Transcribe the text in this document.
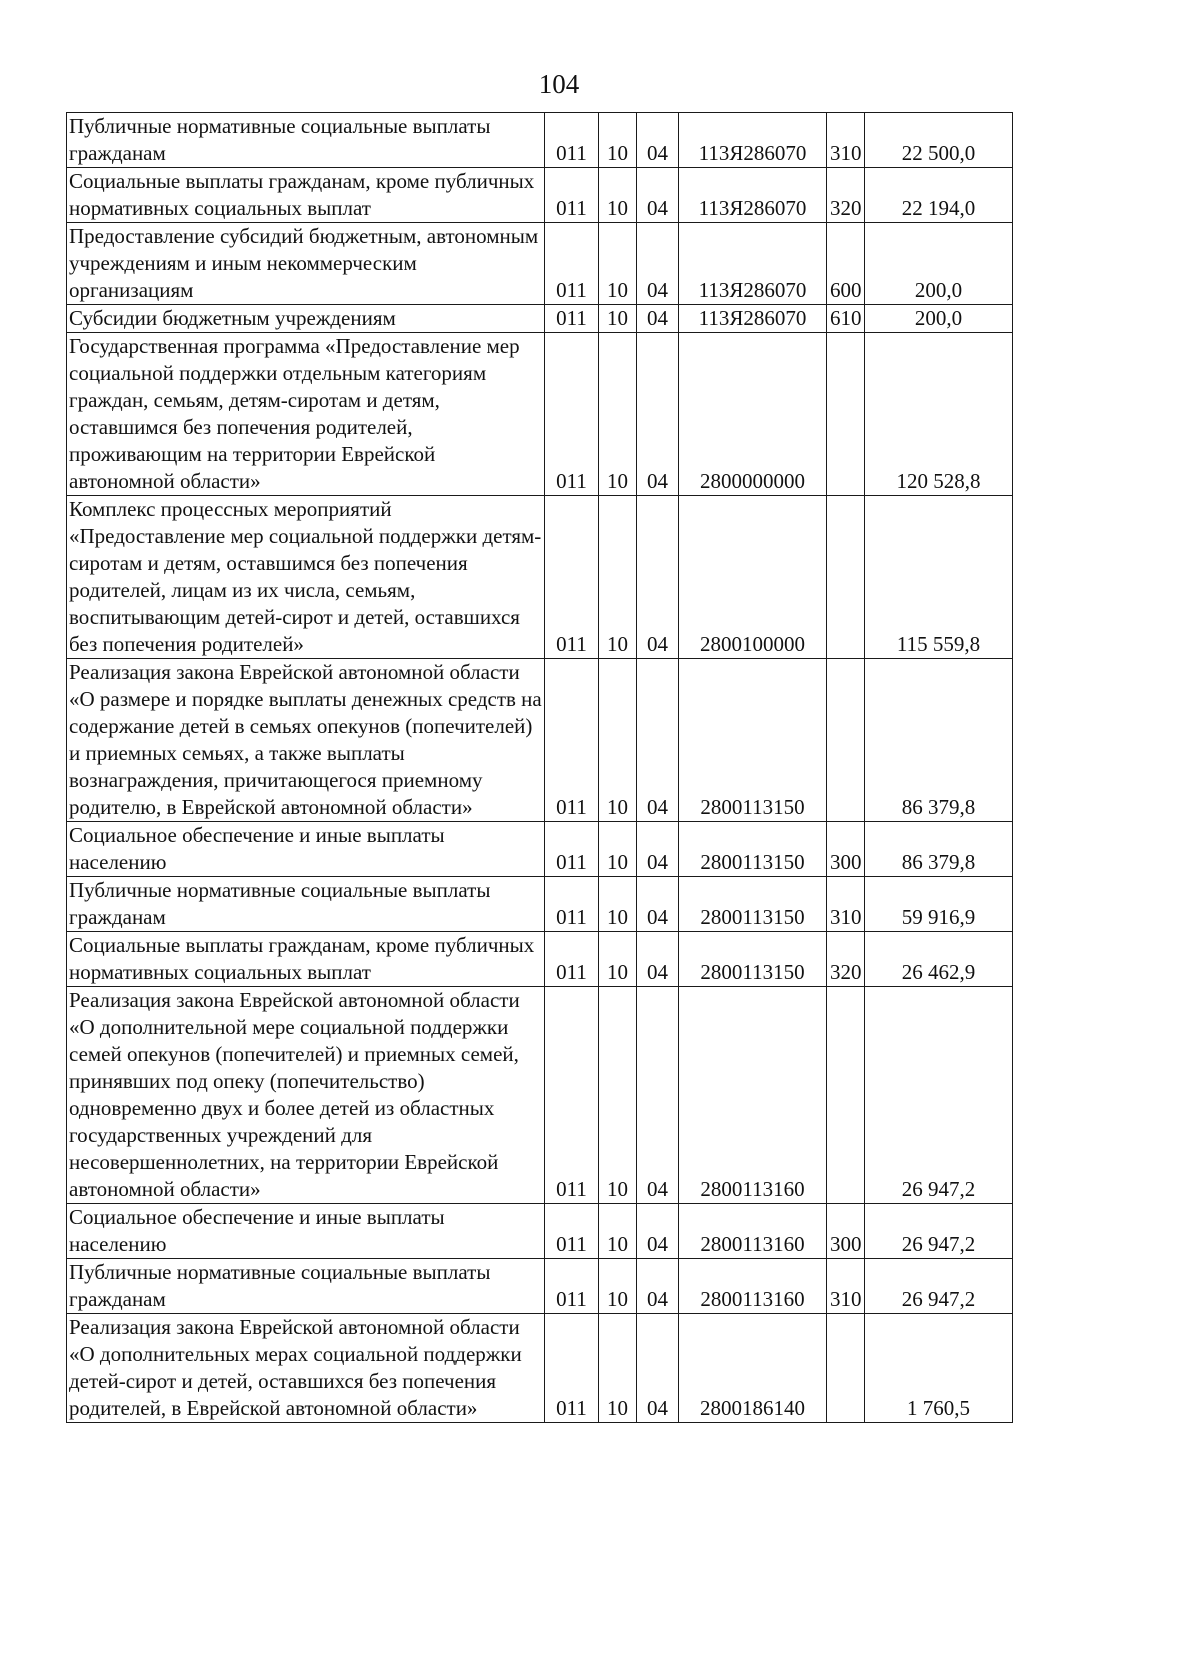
104
Публичные нормативные социальные выплаты гражданам	011	10	04	113Я286070	310	22 500,0
Социальные выплаты гражданам, кроме публичных нормативных социальных выплат	011	10	04	113Я286070	320	22 194,0
Предоставление субсидий бюджетным, автономным учреждениям и иным некоммерческим организациям	011	10	04	113Я286070	600	200,0
Субсидии бюджетным учреждениям	011	10	04	113Я286070	610	200,0
Государственная программа «Предоставление мер социальной поддержки отдельным категориям граждан, семьям, детям-сиротам и детям, оставшимся без попечения родителей, проживающим на территории Еврейской автономной области»	011	10	04	2800000000		120 528,8
Комплекс процессных мероприятий «Предоставление мер социальной поддержки детям-сиротам и детям, оставшимся без попечения родителей, лицам из их числа, семьям, воспитывающим детей-сирот и детей, оставшихся без попечения родителей»	011	10	04	2800100000		115 559,8
Реализация закона Еврейской автономной области «О размере и порядке выплаты денежных средств на содержание детей в семьях опекунов (попечителей) и приемных семьях, а также выплаты вознаграждения, причитающегося приемному родителю, в Еврейской автономной области»	011	10	04	2800113150		86 379,8
Социальное обеспечение и иные выплаты населению	011	10	04	2800113150	300	86 379,8
Публичные нормативные социальные выплаты гражданам	011	10	04	2800113150	310	59 916,9
Социальные выплаты гражданам, кроме публичных нормативных социальных выплат	011	10	04	2800113150	320	26 462,9
Реализация закона Еврейской автономной области «О дополнительной мере социальной поддержки семей опекунов (попечителей) и приемных семей, принявших под опеку (попечительство) одновременно двух и более детей из областных государственных учреждений для несовершеннолетних, на территории Еврейской автономной области»	011	10	04	2800113160		26 947,2
Социальное обеспечение и иные выплаты населению	011	10	04	2800113160	300	26 947,2
Публичные нормативные социальные выплаты гражданам	011	10	04	2800113160	310	26 947,2
Реализация закона Еврейской автономной области «О дополнительных мерах социальной поддержки детей-сирот и детей, оставшихся без попечения родителей, в Еврейской автономной области»	011	10	04	2800186140		1 760,5
